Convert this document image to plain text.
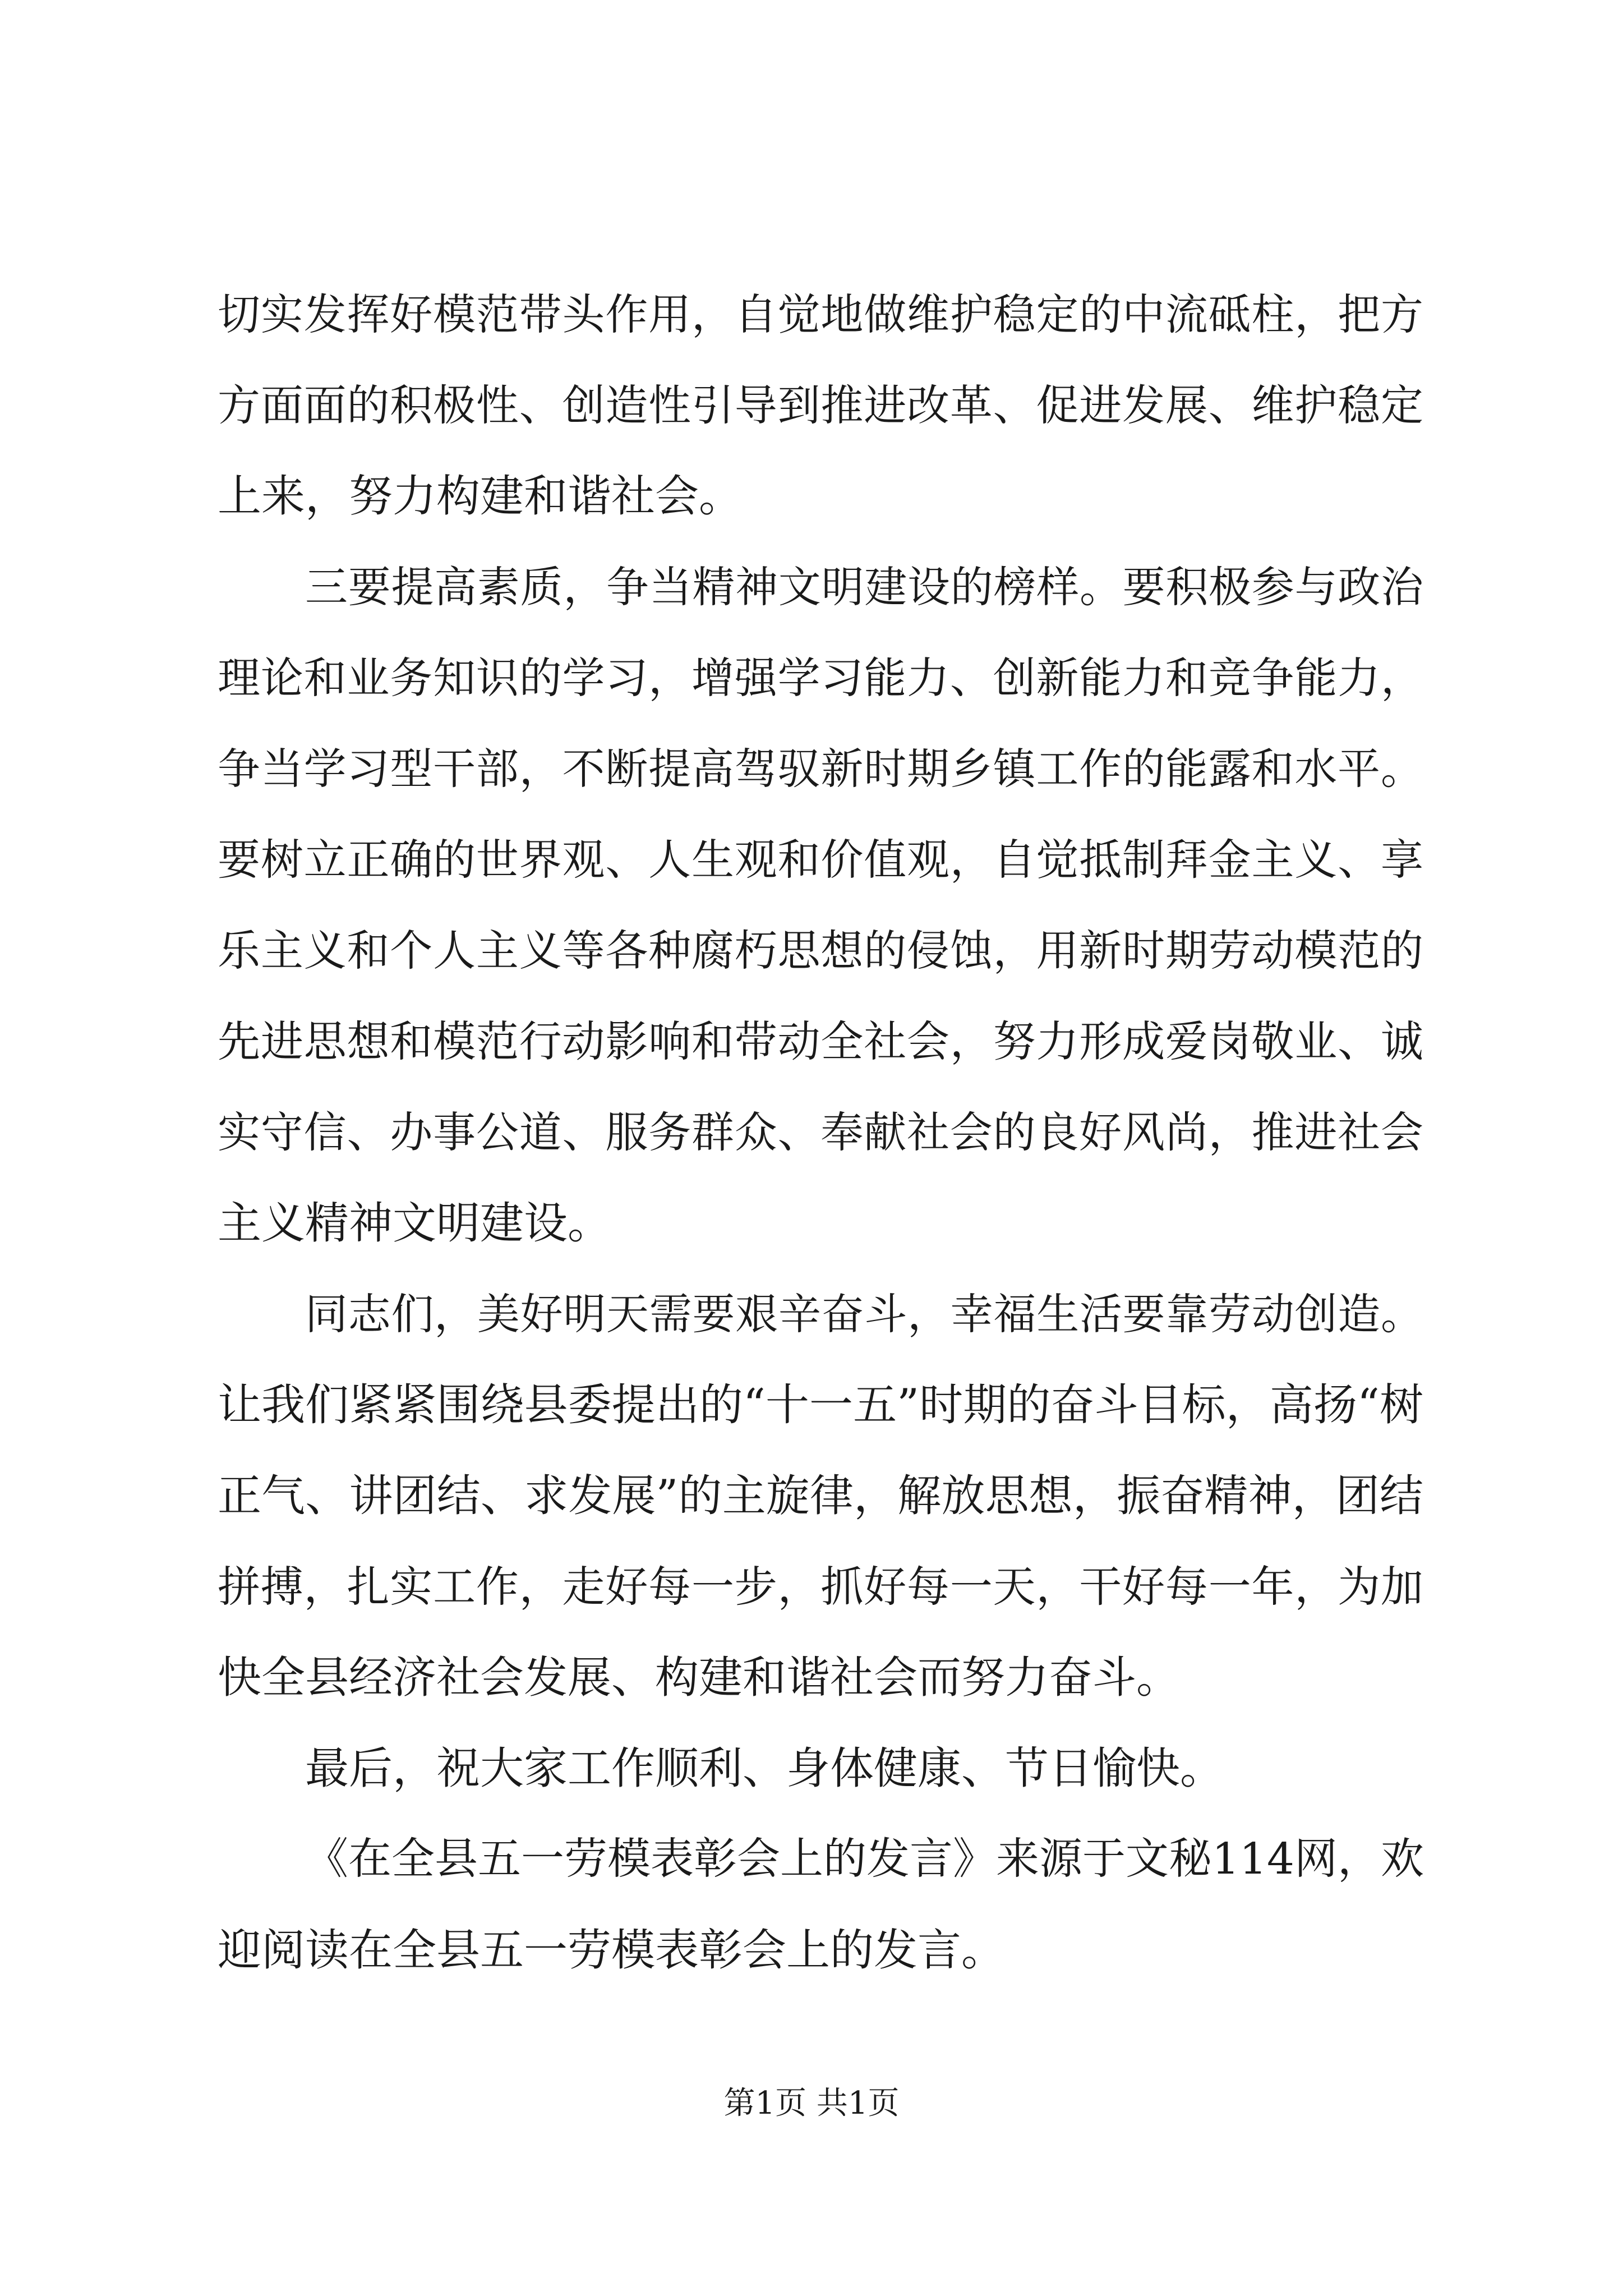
切实发挥好模范带头作用，自觉地做维护稳定的中流砥柱，把方
方面面的积极性、创造性引导到推进改革、促进发展、维护稳定
上来，努力构建和谐社会。
三要提高素质，争当精神文明建设的榜样。要积极参与政治
理论和业务知识的学习，增强学习能力、创新能力和竞争能力，
争当学习型干部，不断提高驾驭新时期乡镇工作的能露和水平。
要树立正确的世界观、人生观和价值观，自觉抵制拜金主义、享
乐主义和个人主义等各种腐朽思想的侵蚀，用新时期劳动模范的
先进思想和模范行动影响和带动全社会，努力形成爱岗敬业、诚
实守信、办事公道、服务群众、奉献社会的良好风尚，推进社会
主义精神文明建设。
同志们，美好明天需要艰辛奋斗，幸福生活要靠劳动创造。
让我们紧紧围绕县委提出的“十一五”时期的奋斗目标，高扬“树
正气、讲团结、求发展”的主旋律，解放思想，振奋精神，团结
拼搏，扎实工作，走好每一步，抓好每一天，干好每一年，为加
快全县经济社会发展、构建和谐社会而努力奋斗。
最后，祝大家工作顺利、身体健康、节日愉快。
《在全县五一劳模表彰会上的发言》来源于文秘114网，欢
迎阅读在全县五一劳模表彰会上的发言。
第1页 共1页
